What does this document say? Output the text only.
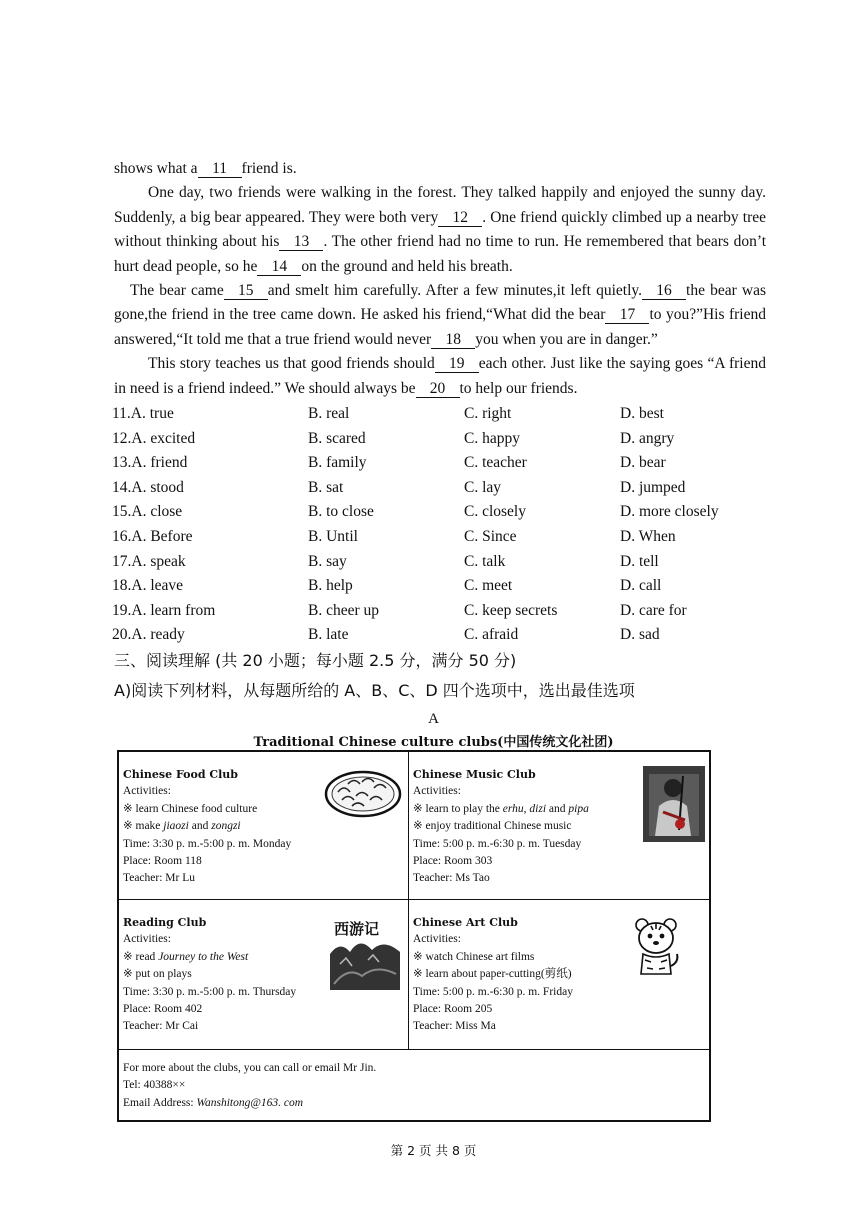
shows what a 11 friend is.

One day, two friends were walking in the forest. They talked happily and enjoyed the sunny day. Suddenly, a big bear appeared. They were both very 12 . One friend quickly climbed up a nearby tree without thinking about his 13 . The other friend had no time to run. He remembered that bears don’t hurt dead people, so he 14 on the ground and held his breath.

The bear came 15 and smelt him carefully. After a few minutes,it left quietly. 16 the bear was gone,the friend in the tree came down. He asked his friend,“What did the bear 17 to you?”His friend answered,“It told me that a true friend would never 18 you when you are in danger.”

This story teaches us that good friends should 19 each other. Just like the saying goes “A friend in need is a friend indeed.” We should always be 20 to help our friends.

11.A. true	B. real	C. right	D. best
12.A. excited	B. scared	C. happy	D. angry
13.A. friend	B. family	C. teacher	D. bear
14.A. stood	B. sat	C. lay	D. jumped
15.A. close	B. to close	C. closely	D. more closely
16.A. Before	B. Until	C. Since	D. When
17.A. speak	B. say	C. talk	D. tell
18.A. leave	B. help	C. meet	D. call
19.A. learn from	B. cheer up	C. keep secrets	D. care for
20.A. ready	B. late	C. afraid	D. sad
三、阅读理解 (共 20 小题；每小题 2.5 分，满分 50 分)
A)阅读下列材料，从每题所给的 A、B、C、D 四个选项中，选出最佳选项
A
Traditional Chinese culture clubs(中国传统文化社团)
Chinese Food Club
Activities:
※ learn Chinese food culture
※ make jiaozi and zongzi
Time: 3:30 p. m.-5:00 p. m. Monday
Place: Room 118
Teacher: Mr Lu
Chinese Music Club
Activities:
※ learn to play the erhu, dizi and pipa
※ enjoy traditional Chinese music
Time: 5:00 p. m.-6:30 p. m. Tuesday
Place: Room 303
Teacher: Ms Tao
Reading Club
Activities:
※ read Journey to the West
※ put on plays
Time: 3:30 p. m.-5:00 p. m. Thursday
Place: Room 402
Teacher: Mr Cai
西游记	Chinese Art Club
Activities:
※ watch Chinese art films
※ learn about paper-cutting(剪纸)
Time: 5:00 p. m.-6:30 p. m. Friday
Place: Room 205
Teacher: Miss Ma
For more about the clubs, you can call or email Mr Jin.
Tel: 40388××
Email Address: Wanshitong@163. com
第 2 页 共 8 页
